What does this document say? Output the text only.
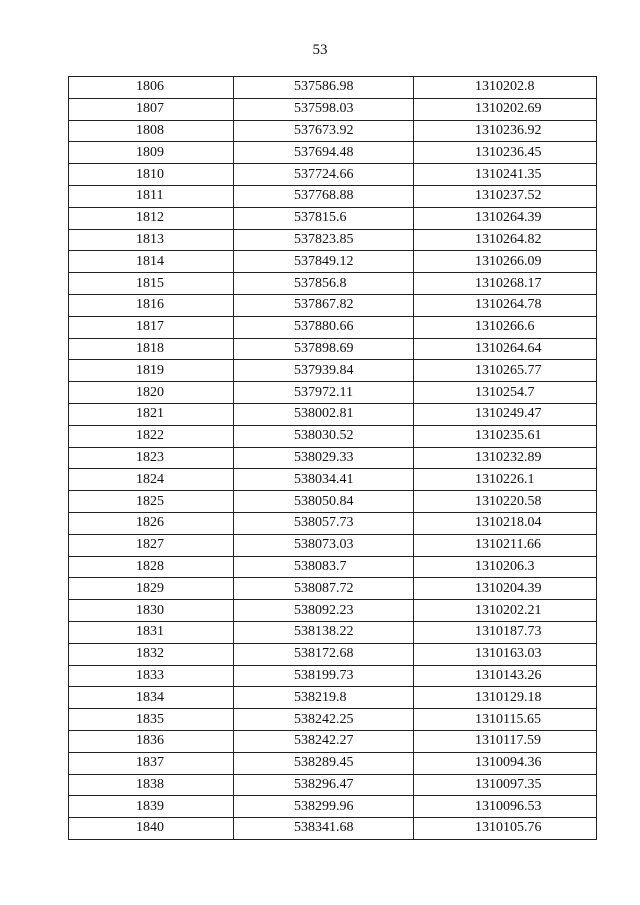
53
1806	537586.98	1310202.8
1807	537598.03	1310202.69
1808	537673.92	1310236.92
1809	537694.48	1310236.45
1810	537724.66	1310241.35
1811	537768.88	1310237.52
1812	537815.6	1310264.39
1813	537823.85	1310264.82
1814	537849.12	1310266.09
1815	537856.8	1310268.17
1816	537867.82	1310264.78
1817	537880.66	1310266.6
1818	537898.69	1310264.64
1819	537939.84	1310265.77
1820	537972.11	1310254.7
1821	538002.81	1310249.47
1822	538030.52	1310235.61
1823	538029.33	1310232.89
1824	538034.41	1310226.1
1825	538050.84	1310220.58
1826	538057.73	1310218.04
1827	538073.03	1310211.66
1828	538083.7	1310206.3
1829	538087.72	1310204.39
1830	538092.23	1310202.21
1831	538138.22	1310187.73
1832	538172.68	1310163.03
1833	538199.73	1310143.26
1834	538219.8	1310129.18
1835	538242.25	1310115.65
1836	538242.27	1310117.59
1837	538289.45	1310094.36
1838	538296.47	1310097.35
1839	538299.96	1310096.53
1840	538341.68	1310105.76
